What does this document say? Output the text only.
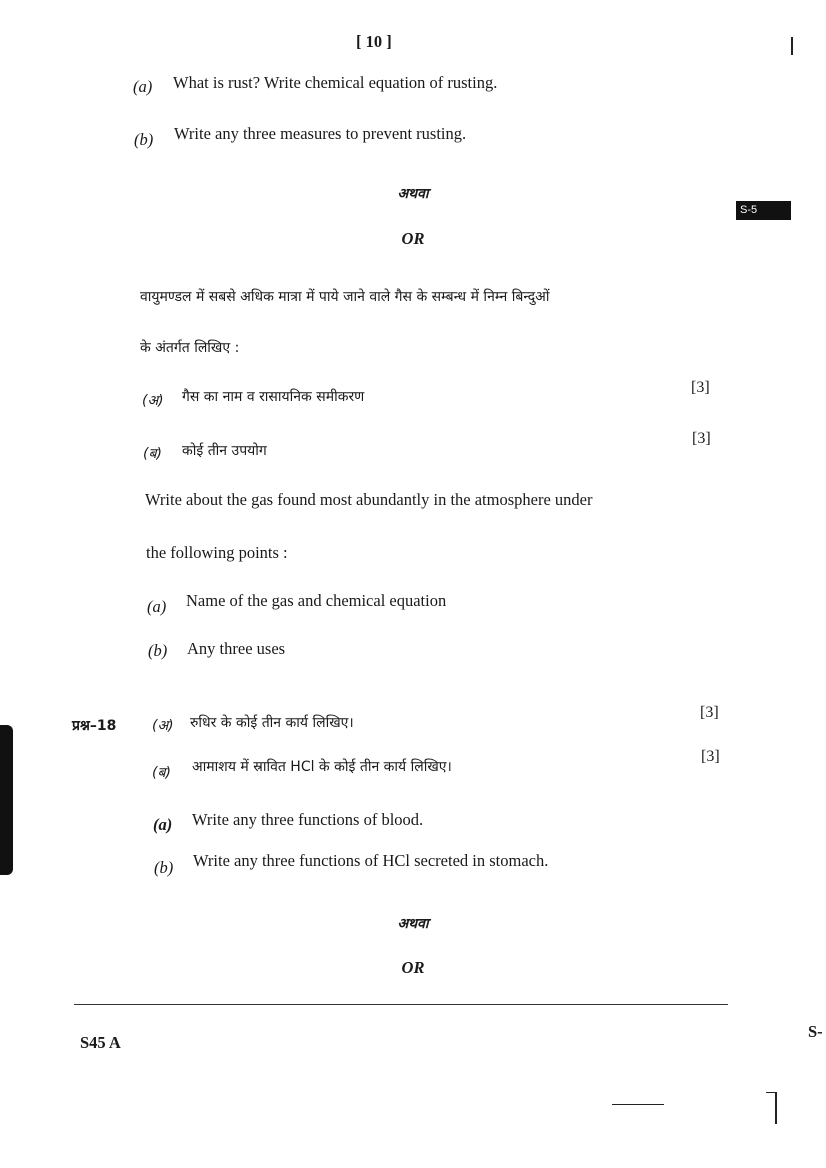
[ 10 ]
(a) What is rust? Write chemical equation of rusting.
(b) Write any three measures to prevent rusting.
S-5
अथवा
OR
वायुमण्डल में सबसे अधिक मात्रा में पाये जाने वाले गैस के सम्बन्ध में निम्न बिन्दुओं
के अंतर्गत लिखिए :
(अ) गैस का नाम व रासायनिक समीकरण
[3]
(ब) कोई तीन उपयोग
[3]
Write about the gas found most abundantly in the atmosphere under
the following points :
(a) Name of the gas and chemical equation
(b) Any three uses
प्रश्न–18	(अ) रुधिर के कोई तीन कार्य लिखिए।
[3]
(ब) आमाशय में स्रावित HCl के कोई तीन कार्य लिखिए।
[3]
(a) Write any three functions of blood.
(b) Write any three functions of HCl secreted in stomach.
अथवा
OR
S45 A
S-
